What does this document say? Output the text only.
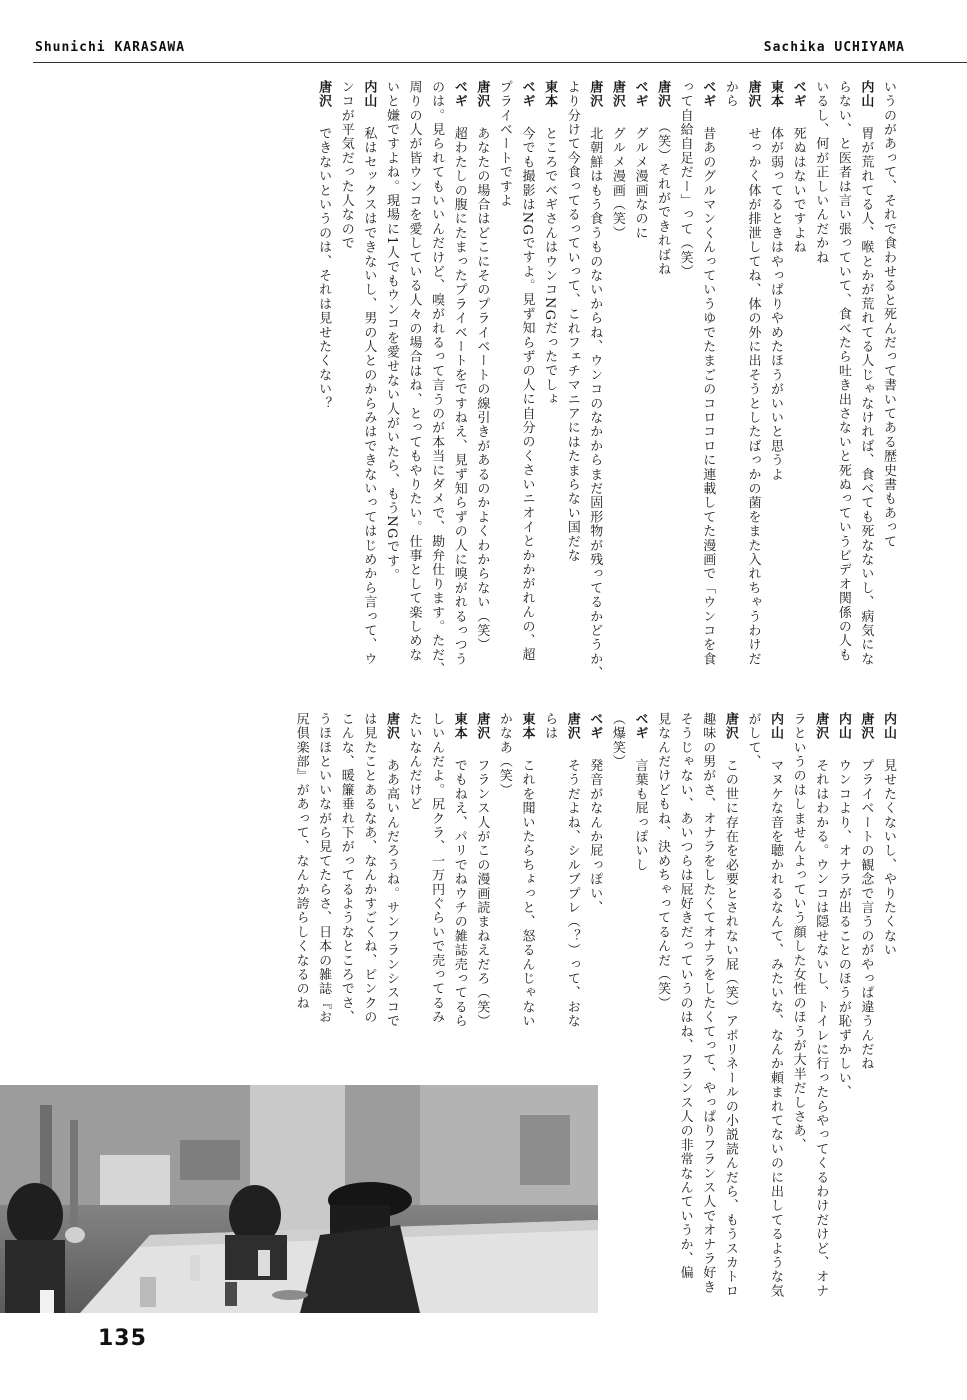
Shunichi KARASAWA	Sachika UCHIYAMA
いうのがあって、それで食わせると死んだって書いてある歴史書もあって
内山　胃が荒れてる人、喉とかが荒れてる人じゃなければ、食べても死なないし、病気にな
らない、と医者は言い張っていて、食べたら吐き出さないと死ぬっていうビデオ関係の人も
いるし、何が正しいんだかね
ベギ　死ぬはないですよね
東本　体が弱ってるときはやっぱりやめたほうがいいと思うよ
唐沢　せっかく体が排泄してね、体の外に出そうとしたばっかの菌をまた入れちゃうわけだ
から
ベギ　昔あのグルマンくんっていうゆでたまごのコロコロに連載してた漫画で「ウンコを食
って自給自足だー」って（笑）
唐沢　（笑）それができればね
ベギ　グルメ漫画なのに
唐沢　グルメ漫画（笑）
唐沢　北朝鮮はもう食うものないからね、ウンコのなかからまだ固形物が残ってるかどうか、
より分けて今食ってるっていって、これフェチマニアにはたまらない国だな
東本　ところでベギさんはウンコNGだったでしょ
ベギ　今でも撮影はNGですよ。見ず知らずの人に自分のくさいニオイとかかがれんの、超
プライベートですよ
唐沢　あなたの場合はどこにそのプライベートの線引きがあるのかよくわからない（笑）
ベギ　超わたしの腹にたまったプライベートをですねえ、見ず知らずの人に嗅がれるっつう
のは。見られてもいいんだけど、嗅がれるって言うのが本当にダメで、勘弁仕ります。ただ、
周りの人が皆ウンコを愛している人々の場合はね、とってもやりたい。仕事として楽しめな
いと嫌ですよね。現場に1人でもウンコを愛せない人がいたら、もうNGです。
内山　私はセックスはできないし、男の人とのからみはできないってはじめから言って、ウ
ンコが平気だった人なので
唐沢　できないというのは、それは見せたくない？
内山　見せたくないし、やりたくない
唐沢　プライベートの観念で言うのがやっぱ違うんだね
内山　ウンコより、オナラが出ることのほうが恥ずかしい、
唐沢　それはわかる。ウンコは隠せないし、トイレに行ったらやってくるわけだけど、オナ
ラというのはしませんよっていう顔した女性のほうが大半だしさあ、
内山　マヌケな音を聴かれるなんて、みたいな、なんか頼まれてないのに出してるような気
がして、
唐沢　この世に存在を必要とされない屁（笑）アポリネールの小説読んだら、もうスカトロ
趣味の男がさ、オナラをしたくてオナラをしたくてって、やっぱりフランス人でオナラ好き
そうじゃない、あいつらは屁好きだっていうのはね、フランス人の非常なんていうか、偏
見なんだけどもね、決めちゃってるんだ（笑）
ベギ　言葉も屁っぽいし
（爆笑）
ベギ　発音がなんか屁っぽい、
唐沢　そうだよね、シルブプレ（？）って、おな
らは
東本　これを聞いたらちょっと、怒るんじゃない
かなあ（笑）
唐沢　フランス人がこの漫画読まねえだろ（笑）
東本　でもねえ、パリでねウチの雑誌売ってるら
しいんだよ。尻クラ、一万円ぐらいで売ってるみ
たいなんだけど
唐沢　ああ高いんだろうね。サンフランシスコで
は見たことあるなあ、なんかすごくね、ピンクの
こんな、暖簾垂れ下がってるようなところでさ、
うほほといいながら見てたらさ、日本の雑誌『お
尻倶楽部』があって、なんか誇らしくなるのね
135
